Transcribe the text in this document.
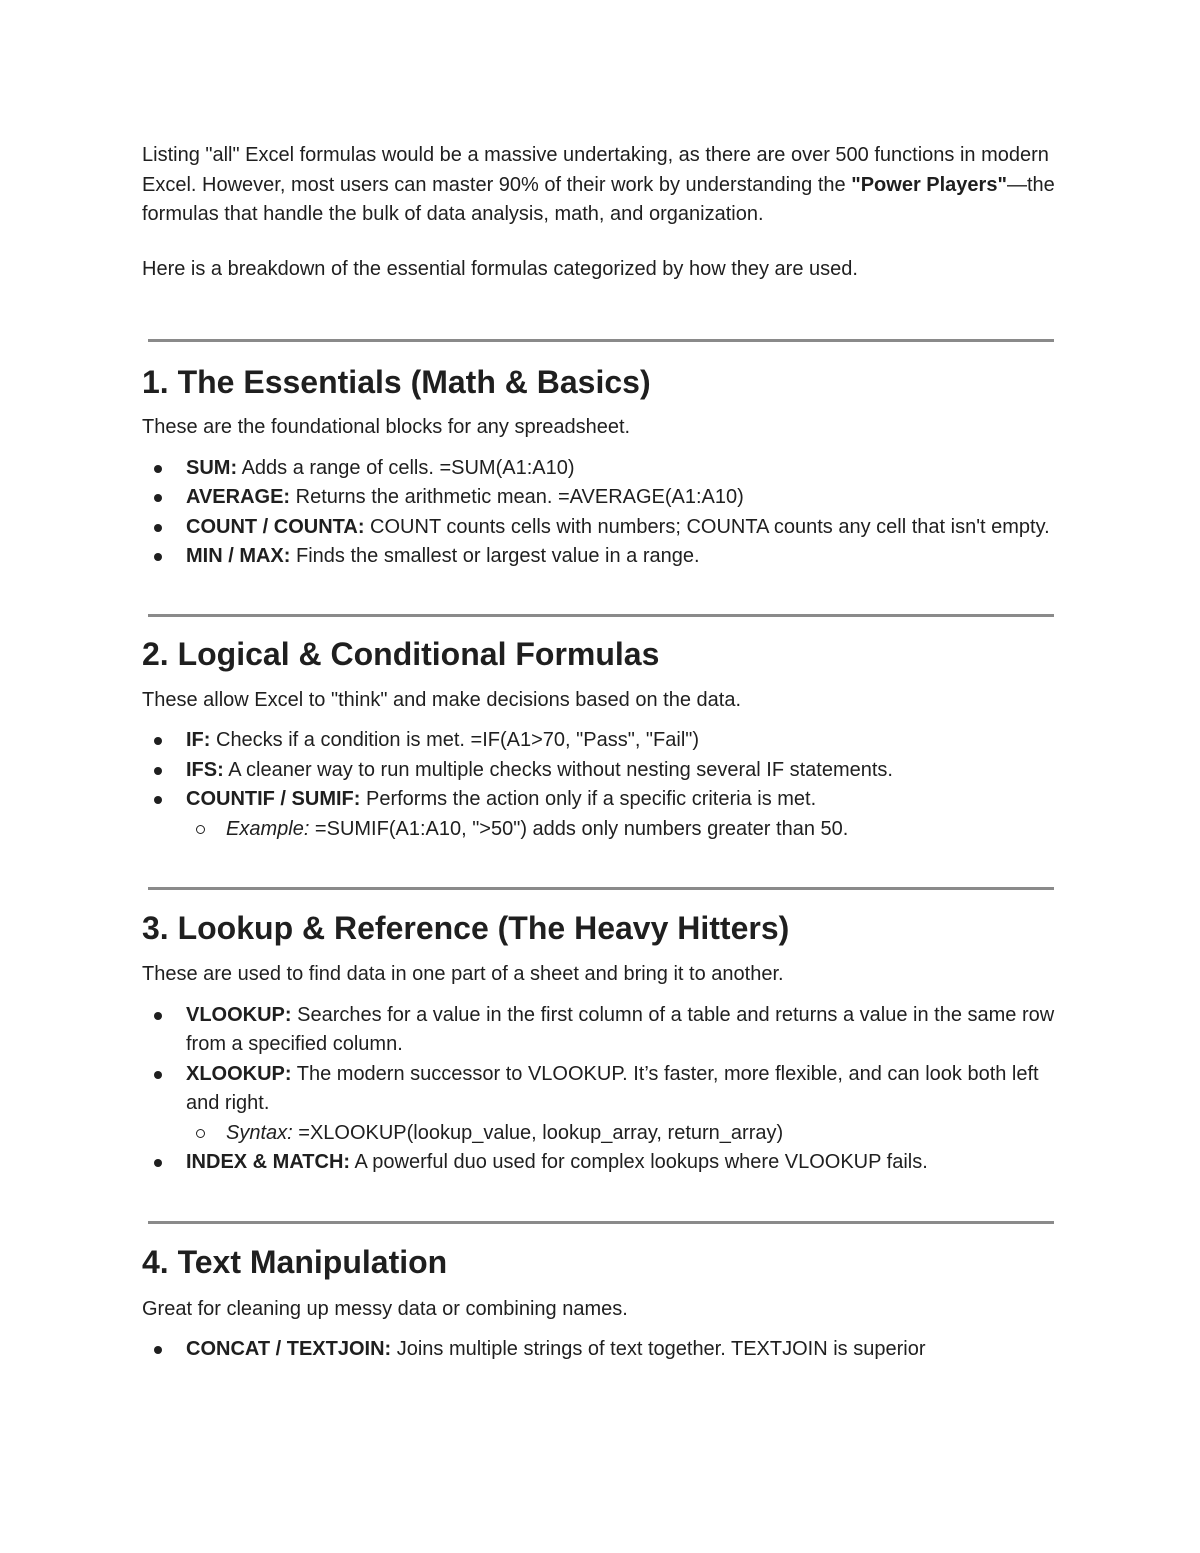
Listing "all" Excel formulas would be a massive undertaking, as there are over 500 functions in modern Excel. However, most users can master 90% of their work by understanding the "Power Players"—the formulas that handle the bulk of data analysis, math, and organization.

Here is a breakdown of the essential formulas categorized by how they are used.

1. The Essentials (Math & Basics)

These are the foundational blocks for any spreadsheet.

SUM: Adds a range of cells. =SUM(A1:A10)
AVERAGE: Returns the arithmetic mean. =AVERAGE(A1:A10)
COUNT / COUNTA: COUNT counts cells with numbers; COUNTA counts any cell that isn't empty.
MIN / MAX: Finds the smallest or largest value in a range.
2. Logical & Conditional Formulas

These allow Excel to "think" and make decisions based on the data.

IF: Checks if a condition is met. =IF(A1>70, "Pass", "Fail")
IFS: A cleaner way to run multiple checks without nesting several IF statements.
COUNTIF / SUMIF: Performs the action only if a specific criteria is met.
Example: =SUMIF(A1:A10, ">50") adds only numbers greater than 50.
3. Lookup & Reference (The Heavy Hitters)

These are used to find data in one part of a sheet and bring it to another.

VLOOKUP: Searches for a value in the first column of a table and returns a value in the same row from a specified column.
XLOOKUP: The modern successor to VLOOKUP. It’s faster, more flexible, and can look both left and right.
Syntax: =XLOOKUP(lookup_value, lookup_array, return_array)
INDEX & MATCH: A powerful duo used for complex lookups where VLOOKUP fails.
4. Text Manipulation

Great for cleaning up messy data or combining names.

CONCAT / TEXTJOIN: Joins multiple strings of text together. TEXTJOIN is superior
